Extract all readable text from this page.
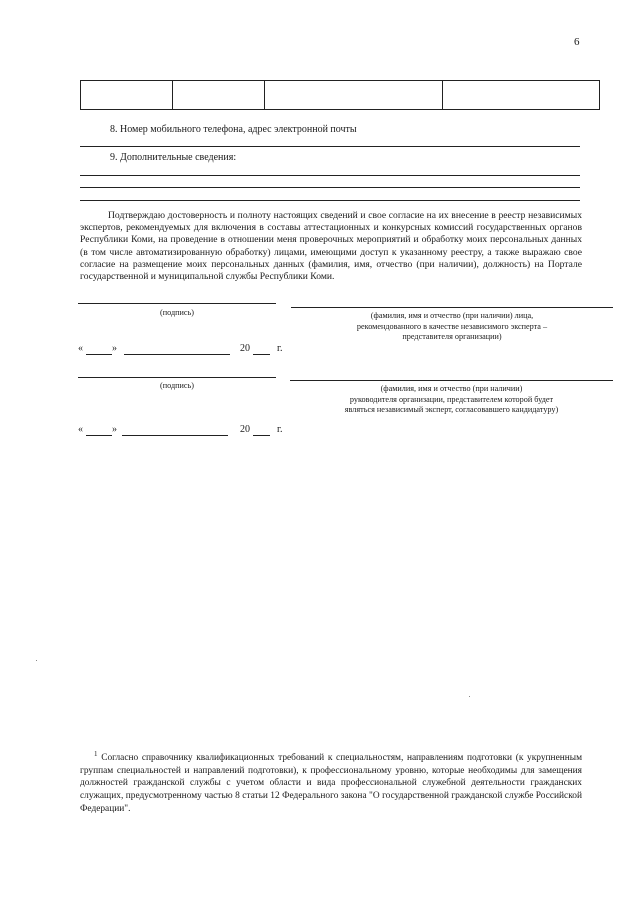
6
8. Номер мобильного телефона, адрес электронной почты
9. Дополнительные сведения:
Подтверждаю достоверность и полноту настоящих сведений и свое согласие на их внесение в реестр независимых экспертов, рекомендуемых для включения в составы аттестационных и конкурсных комиссий государственных органов Республики Коми, на проведение в отношении меня проверочных мероприятий и обработку моих персональных данных (в том числе автоматизированную обработку) лицами, имеющими доступ к указанному реестру, а также выражаю свое согласие на размещение моих персональных данных (фамилия, имя, отчество (при наличии), должность) на Портале государственной и муниципальной службы Республики Коми.
(подпись)	(фамилия, имя и отчество (при наличии) лица,
рекомендованного в качестве независимого эксперта –
представителя организации)
«	»	20	г.
(подпись)	(фамилия, имя и отчество (при наличии)
руководителя организации, представителем которой будет
являться независимый эксперт, согласовавшего кандидатуру)
«	»	20	г.
$^1$ Согласно справочнику квалификационных требований к специальностям, направлениям подготовки (к укрупненным группам специальностей и направлений подготовки), к профессиональному уровню, которые необходимы для замещения должностей гражданской службы с учетом области и вида профессиональной служебной деятельности гражданских служащих, предусмотренному частью 8 статьи 12 Федерального закона "О государственной гражданской службе Российской Федерации".
